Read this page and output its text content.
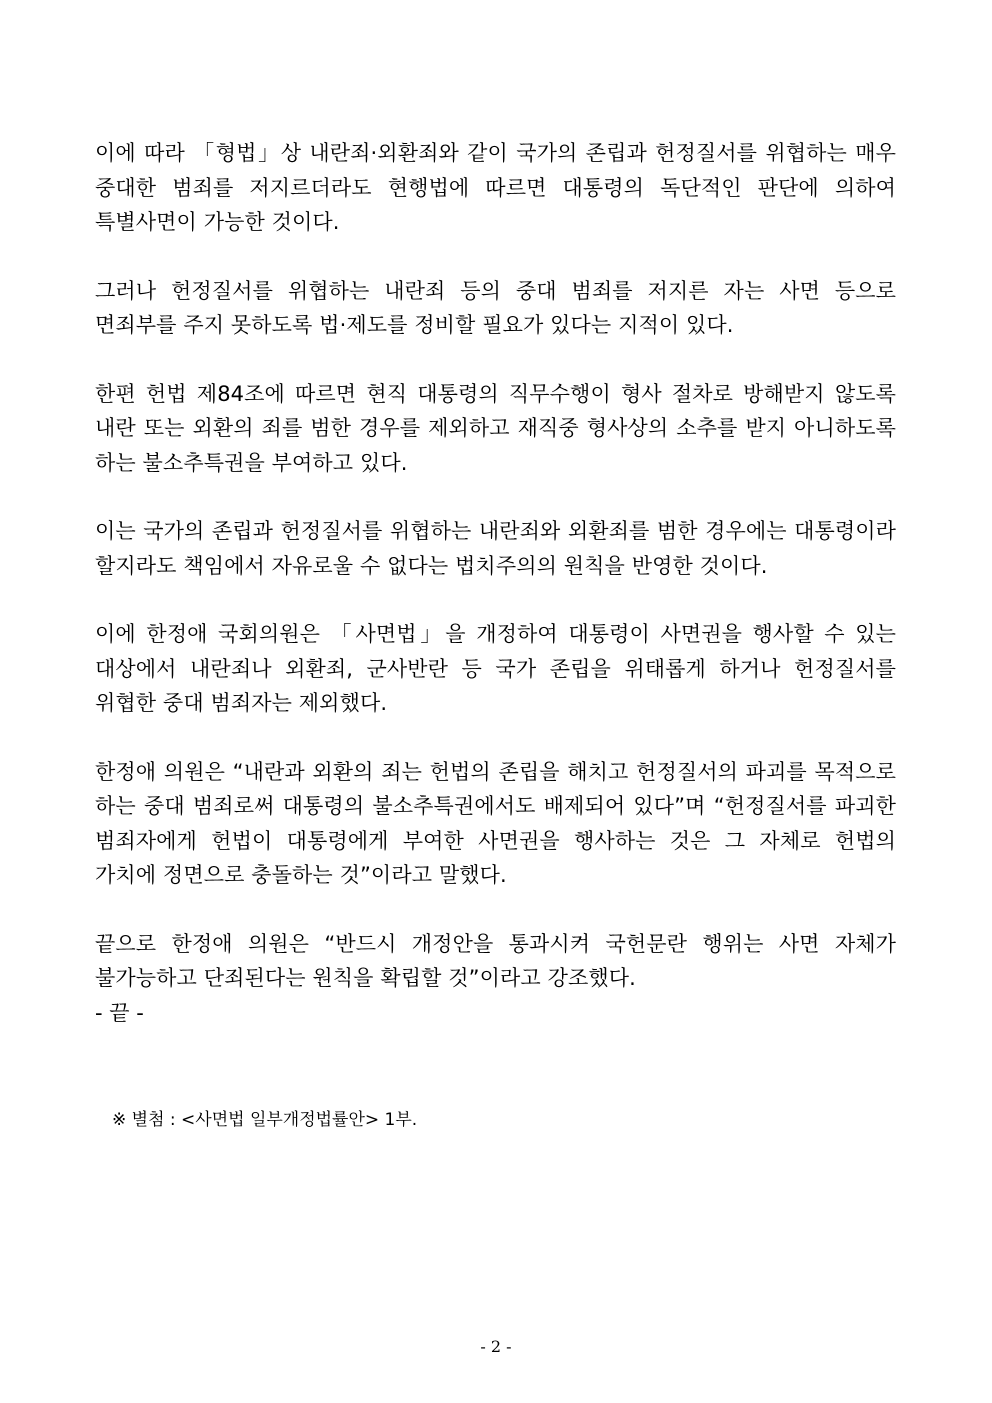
이에 따라 「형법」상 내란죄·외환죄와 같이 국가의 존립과 헌정질서를 위협하는 매우 중대한 범죄를 저지르더라도 현행법에 따르면 대통령의 독단적인 판단에 의하여 특별사면이 가능한 것이다.

그러나 헌정질서를 위협하는 내란죄 등의 중대 범죄를 저지른 자는 사면 등으로 면죄부를 주지 못하도록 법·제도를 정비할 필요가 있다는 지적이 있다.

한편 헌법 제84조에 따르면 현직 대통령의 직무수행이 형사 절차로 방해받지 않도록 내란 또는 외환의 죄를 범한 경우를 제외하고 재직중 형사상의 소추를 받지 아니하도록 하는 불소추특권을 부여하고 있다.

이는 국가의 존립과 헌정질서를 위협하는 내란죄와 외환죄를 범한 경우에는 대통령이라 할지라도 책임에서 자유로울 수 없다는 법치주의의 원칙을 반영한 것이다.

이에 한정애 국회의원은 「사면법」을 개정하여 대통령이 사면권을 행사할 수 있는 대상에서 내란죄나 외환죄, 군사반란 등 국가 존립을 위태롭게 하거나 헌정질서를 위협한 중대 범죄자는 제외했다.

한정애 의원은 “내란과 외환의 죄는 헌법의 존립을 해치고 헌정질서의 파괴를 목적으로 하는 중대 범죄로써 대통령의 불소추특권에서도 배제되어 있다”며 “헌정질서를 파괴한 범죄자에게 헌법이 대통령에게 부여한 사면권을 행사하는 것은 그 자체로 헌법의 가치에 정면으로 충돌하는 것”이라고 말했다.

끝으로 한정애 의원은 “반드시 개정안을 통과시켜 국헌문란 행위는 사면 자체가 불가능하고 단죄된다는 원칙을 확립할 것”이라고 강조했다.

- 끝 -

※ 별첨 : <사면법 일부개정법률안> 1부.

- 2 -
